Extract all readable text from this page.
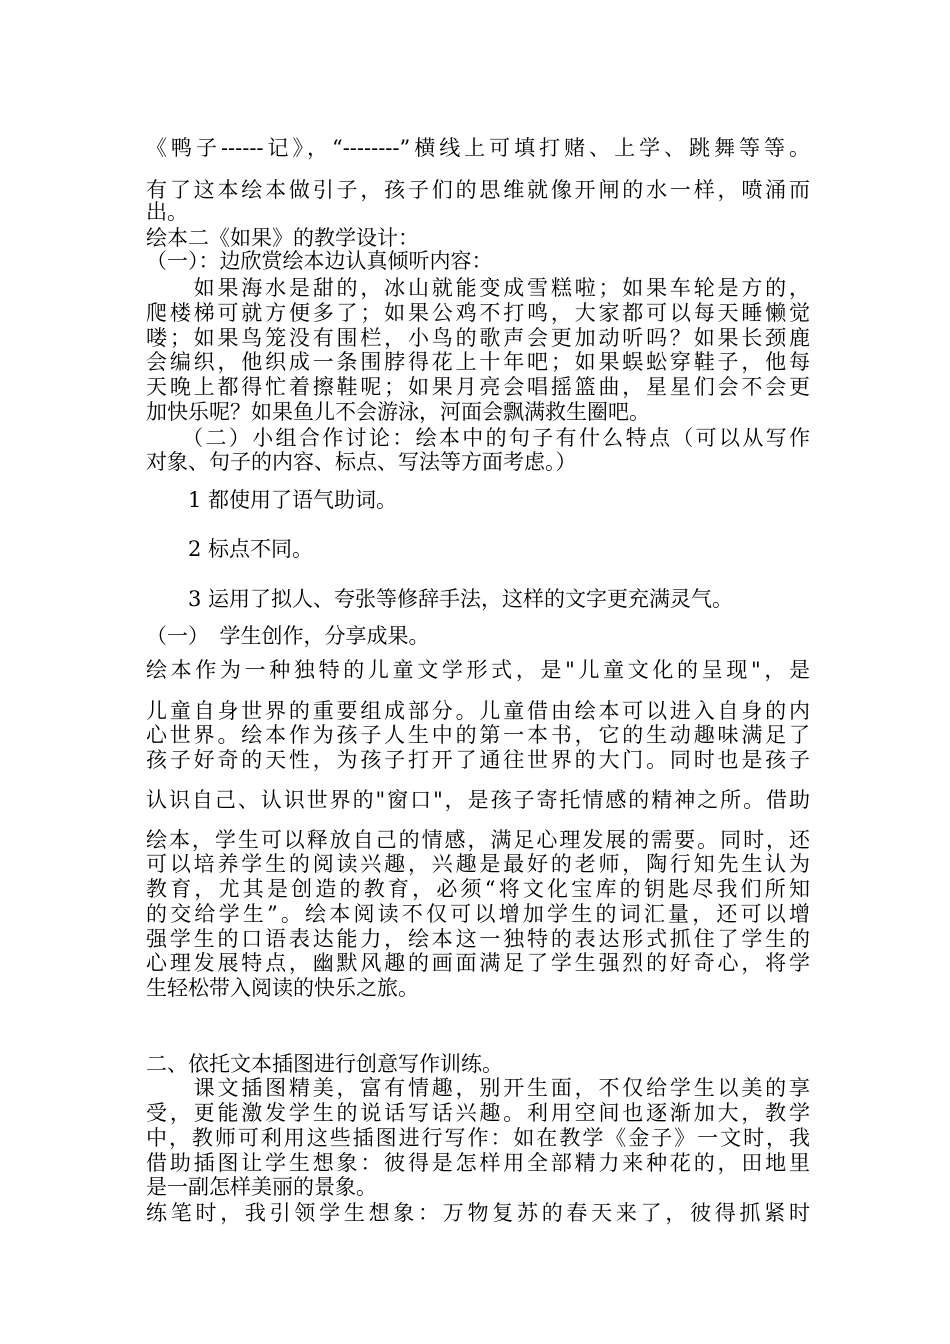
《鸭子------记》，“--------”横线上可填打赌、上学、跳舞等等。
有了这本绘本做引子，孩子们的思维就像开闸的水一样，喷涌而
出。
绘本二《如果》的教学设计：
（一）：边欣赏绘本边认真倾听内容：
　　如果海水是甜的，冰山就能变成雪糕啦；如果车轮是方的，
爬楼梯可就方便多了；如果公鸡不打鸣，大家都可以每天睡懒觉
喽；如果鸟笼没有围栏，小鸟的歌声会更加动听吗？如果长颈鹿
会编织，他织成一条围脖得花上十年吧；如果蜈蚣穿鞋子，他每
天晚上都得忙着擦鞋呢；如果月亮会唱摇篮曲，星星们会不会更
加快乐呢？如果鱼儿不会游泳，河面会飘满救生圈吧。
　　（二）小组合作讨论：绘本中的句子有什么特点（可以从写作
对象、句子的内容、标点、写法等方面考虑。）
　　1 都使用了语气助词。
　　2 标点不同。
　　3 运用了拟人、夸张等修辞手法，这样的文字更充满灵气。
（一）　学生创作，分享成果。
绘本作为一种独特的儿童文学形式，是"儿童文化的呈现"，是
儿童自身世界的重要组成部分。儿童借由绘本可以进入自身的内
心世界。绘本作为孩子人生中的第一本书，它的生动趣味满足了
孩子好奇的天性，为孩子打开了通往世界的大门。同时也是孩子
认识自己、认识世界的"窗口"，是孩子寄托情感的精神之所。借助
绘本，学生可以释放自己的情感，满足心理发展的需要。同时，还
可以培养学生的阅读兴趣，兴趣是最好的老师，陶行知先生认为
教育，尤其是创造的教育，必须“将文化宝库的钥匙尽我们所知
的交给学生”。绘本阅读不仅可以增加学生的词汇量，还可以增
强学生的口语表达能力，绘本这一独特的表达形式抓住了学生的
心理发展特点，幽默风趣的画面满足了学生强烈的好奇心，将学
生轻松带入阅读的快乐之旅。
二、依托文本插图进行创意写作训练。
　　课文插图精美，富有情趣，别开生面，不仅给学生以美的享
受，更能激发学生的说话写话兴趣。利用空间也逐渐加大，教学
中，教师可利用这些插图进行写作：如在教学《金子》一文时，我
借助插图让学生想象：彼得是怎样用全部精力来种花的，田地里
是一副怎样美丽的景象。
练笔时，我引领学生想象：万物复苏的春天来了，彼得抓紧时
